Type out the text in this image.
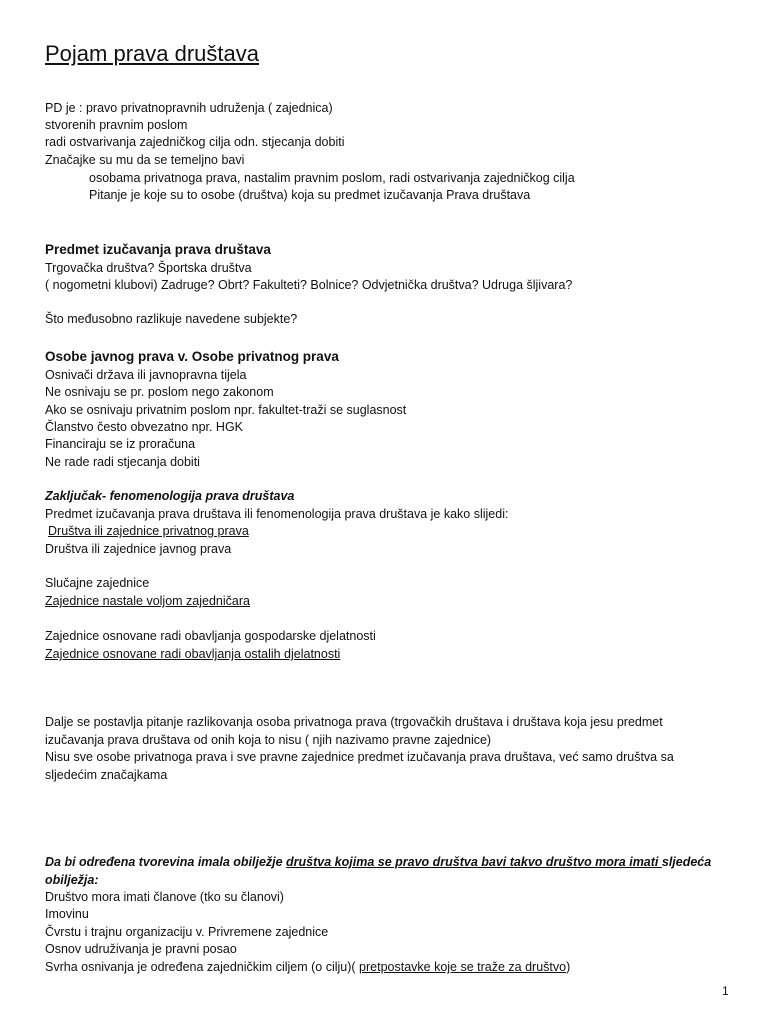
Pojam prava društava
PD je : pravo privatnopravnih udruženja ( zajednica)
stvorenih pravnim poslom
radi ostvarivanja zajedničkog cilja odn. stjecanja dobiti
Značajke su mu da se temeljno bavi
osobama privatnoga prava, nastalim pravnim poslom, radi ostvarivanja zajedničkog cilja
Pitanje je koje su to osobe (društva) koja su predmet izučavanja Prava društava
Predmet izučavanja prava društava
Trgovačka društva? Športska društva
( nogometni klubovi) Zadruge? Obrt? Fakulteti? Bolnice? Odvjetnička društva? Udruga šljivara?
Što međusobno razlikuje navedene subjekte?
Osobe javnog prava v. Osobe privatnog prava
Osnivači država ili javnopravna tijela
Ne osnivaju se pr. poslom nego zakonom
Ako se osnivaju privatnim poslom npr. fakultet-traži se suglasnost
Članstvo često obvezatno npr. HGK
Financiraju se iz proračuna
Ne rade radi stjecanja dobiti
Zaključak- fenomenologija prava društava
Predmet izučavanja prava društava ili fenomenologija prava društava je kako slijedi:
Društva ili zajednice privatnog prava
Društva ili zajednice javnog prava
Slučajne zajednice
Zajednice nastale voljom zajedničara
Zajednice osnovane radi obavljanja gospodarske djelatnosti
Zajednice osnovane radi obavljanja ostalih djelatnosti
Dalje se postavlja pitanje razlikovanja osoba privatnoga prava (trgovačkih društava i društava koja jesu predmet
izučavanja prava društava od onih koja to nisu ( njih nazivamo pravne zajednice)
Nisu sve osobe privatnoga prava i sve pravne zajednice predmet izučavanja prava društava, već samo društva sa
sljedećim značajkama
Da bi određena tvorevina imala obilježje društva kojima se pravo društva bavi takvo društvo mora imati sljedeća
obilježja:
Društvo mora imati članove (tko su članovi)
Imovinu
Čvrstu i trajnu organizaciju v. Privremene zajednice
Osnov udruživanja je pravni posao
Svrha osnivanja je određena zajedničkim ciljem (o cilju)( pretpostavke koje se traže za društvo)
1
